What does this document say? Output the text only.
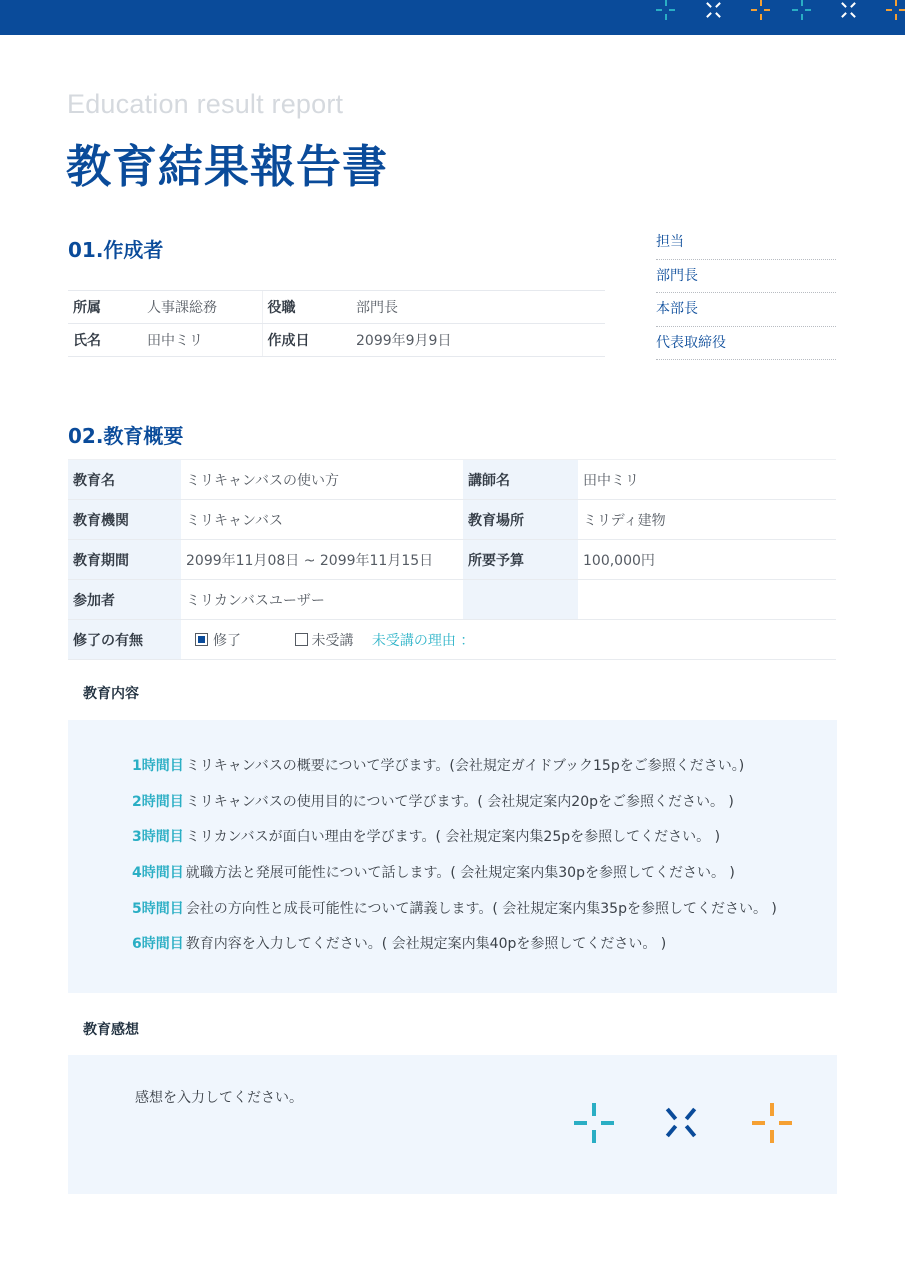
Education result report
教育結果報告書
01.作成者
所属	人事課総務	役職	部門長
氏名	田中ミリ	作成日	2099年9月9日
担当
部門長
本部長
代表取締役
02.教育概要
教育名	ミリキャンバスの使い方	講師名	田中ミリ
教育機関	ミリキャンバス	教育場所	ミリディ建物
教育期間	2099年11月08日 ~ 2099年11月15日	所要予算	100,000円
参加者	ミリカンバスユーザー		
修了の有無	修了 未受講 未受講の理由 ：		
教育内容
1時間目 ミリキャンバスの概要について学びます。(会社規定ガイドブック15pをご参照ください。)
2時間目 ミリキャンバスの使用目的について学びます。( 会社規定案内20pをご参照ください。 )
3時間目 ミリカンバスが面白い理由を学びます。( 会社規定案内集25pを参照してください。 )
4時間目 就職方法と発展可能性について話します。( 会社規定案内集30pを参照してください。 )
5時間目 会社の方向性と成長可能性について講義します。( 会社規定案内集35pを参照してください。 )
6時間目 教育内容を入力してください。( 会社規定案内集40pを参照してください。 )
教育感想
感想を入力してください。
